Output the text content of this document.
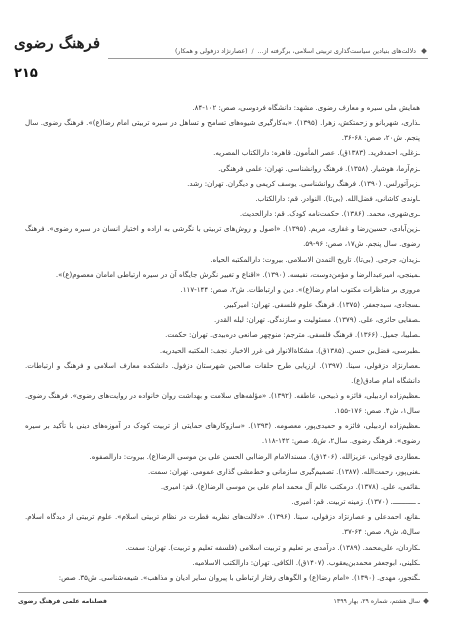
فرهنگ رضوی
۲۱۵
دلالت‌های بنیادین سیاست‌گذاری تربیتی اسلامی، برگرفته از...
/
(عصارنژاد دزفولی و همکار)

همایش ملی سیره و معارف رضوی. مشهد: دانشگاه فردوسی، صص: ۱۰۲-۸۴.

ـذاری، شهربانو و زحمتکش، زهرا. (۱۳۹۵). «به‌کارگیری شیوه‌های تسامح و تساهل در سیره تربیتی امام رضا(ع)». فرهنگ رضوی. سال پنجم. ش۲۰، صص: ۶۸-۳۶.

ـزغلی، احمدفرید. (۱۳۸۳ق). عصر المأمون. قاهره: دارالکتاب المصریه.

ـزم‌آرما، هوشیار. (۱۳۵۸). فرهنگ روانشناسی. تهران: علمی فرهنگی.

ـزبرآتورلس. (۱۳۹۰). فرهنگ روانشناسی. یوسف کریمی و دیگران. تهران: رشد.

ـاوندی کاشانی، فضل‌الله. (بی‌تا). النوادر. قم: دارالکتاب.

ـری‌شهری، محمد. (۱۳۸۶). حکمت‌نامه کودک. قم: دارالحدیث.

ـزین‌آبادی، حسین‌رضا و غفاری، مریم. (۱۳۹۵). «اصول و روش‌های تربیتی با نگرشی به اراده و اختیار انسان در سیره رضوی». فرهنگ رضوی. سال پنجم. ش۱۷، صص: ۹۶-۵۹.

ـزیدان، جرجی. (بی‌تا). تاریخ التمدن الاسلامی. بیروت: دارالمکتبه الحیاه.

ـمینجی، امیرعبدالرضا و مؤمن‌دوست، نفیسه. (۱۳۹۰). «اقناع و تغییر نگرش جایگاه آن در سیره ارتباطی امامان معصوم(ع)».

مروری بر مناظرات مکتوب امام رضا(ع)». دین و ارتباطات. ش۲، صص: ۱۴۴-۱۱۷.

ـسجادی، سیدجعفر. (۱۳۷۵). فرهنگ علوم فلسفی. تهران: امیرکبیر.

ـصفایی حائری، علی. (۱۳۷۹). مسئولیت و سازندگی. تهران: لیله القدر.

ـصلیبا، جمیل. (۱۳۶۶). فرهنگ فلسفی. مترجم: منوچهر صانعی دره‌بیدی. تهران: حکمت.

ـطبرسی، فضل‌بن حسن. (۱۳۸۵ق). مشکاةالانوار فی غرر الاخبار. نجف: المکتبه الحیدریه.

ـعصارنژاد دزفولی، سینا. (۱۳۹۷). ارزیابی طرح حلقات صالحین شهرستان دزفول. دانشکده معارف اسلامی و فرهنگ و ارتباطات. دانشگاه امام صادق(ع).

ـعظیم‌زاده اردبیلی، فائزه و ذبیحی، عاطفه. (۱۳۹۲). «مؤلفه‌های سلامت و بهداشت روان خانواده در روایت‌های رضوی». فرهنگ رضوی. سال۱، ش۴. صص: ۱۷۶-۱۵۵.

ـعظیم‌زاده اردبیلی، فائزه و حمیدی‌پور، معصومه. (۱۳۹۳). «سازوکارهای حمایتی از تربیت کودک در آموزه‌های دینی با تأکید بر سیره رضوی». فرهنگ رضوی. سال۲، ش۵. صص: ۱۴۲-۱۱۸.

ـعطاردی قوچانی، عزیزالله. (۱۴۰۶ق). مسندالامام الرضاابی الحسن علی بن موسی الرضا(ع). بیروت: دارالصفوه.

ـغنی‌پور، رحمت‌الله. (۱۳۸۷). تصمیم‌گیری سازمانی و خط‌مشی گذاری عمومی. تهران: سمت.

ـقائمی، علی. (۱۳۷۸). درمکتب عالم آل محمد امام علی بن موسی الرضا(ع). قم: امیری.

ـ ـــــــــــ. (۱۳۷۰). زمینه تربیت. قم: امیری.

ـقانع، احمدعلی و عصارنژاد دزفولی، سینا. (۱۳۹۶). «دلالت‌های نظریه فطرت در نظام تربیتی اسلام». علوم تربیتی از دیدگاه اسلام. سال۵، ش۹، صص: ۶۴-۳۷.

ـکاردان، علی‌محمد. (۱۳۸۹). درآمدی بر تعلیم و تربیت اسلامی (فلسفه تعلیم و تربیت). تهران: سمت.

ـکلینی، ابوجعفر محمدبن‌یعقوب. (۱۴۰۷ق). الکافی. تهران: دارالکتب الاسلامیه.

ـگنجور، مهدی. (۱۳۹۰). «امام رضا(ع) و الگوهای رفتار ارتباطی با پیروان سایر ادیان و مذاهب». شیعه‌شناسی. ش۳۵. صص:

سال هشتم، شماره ۲۹، بهار ۱۳۹۹
فصلنامه علمی فرهنگ رضوی
